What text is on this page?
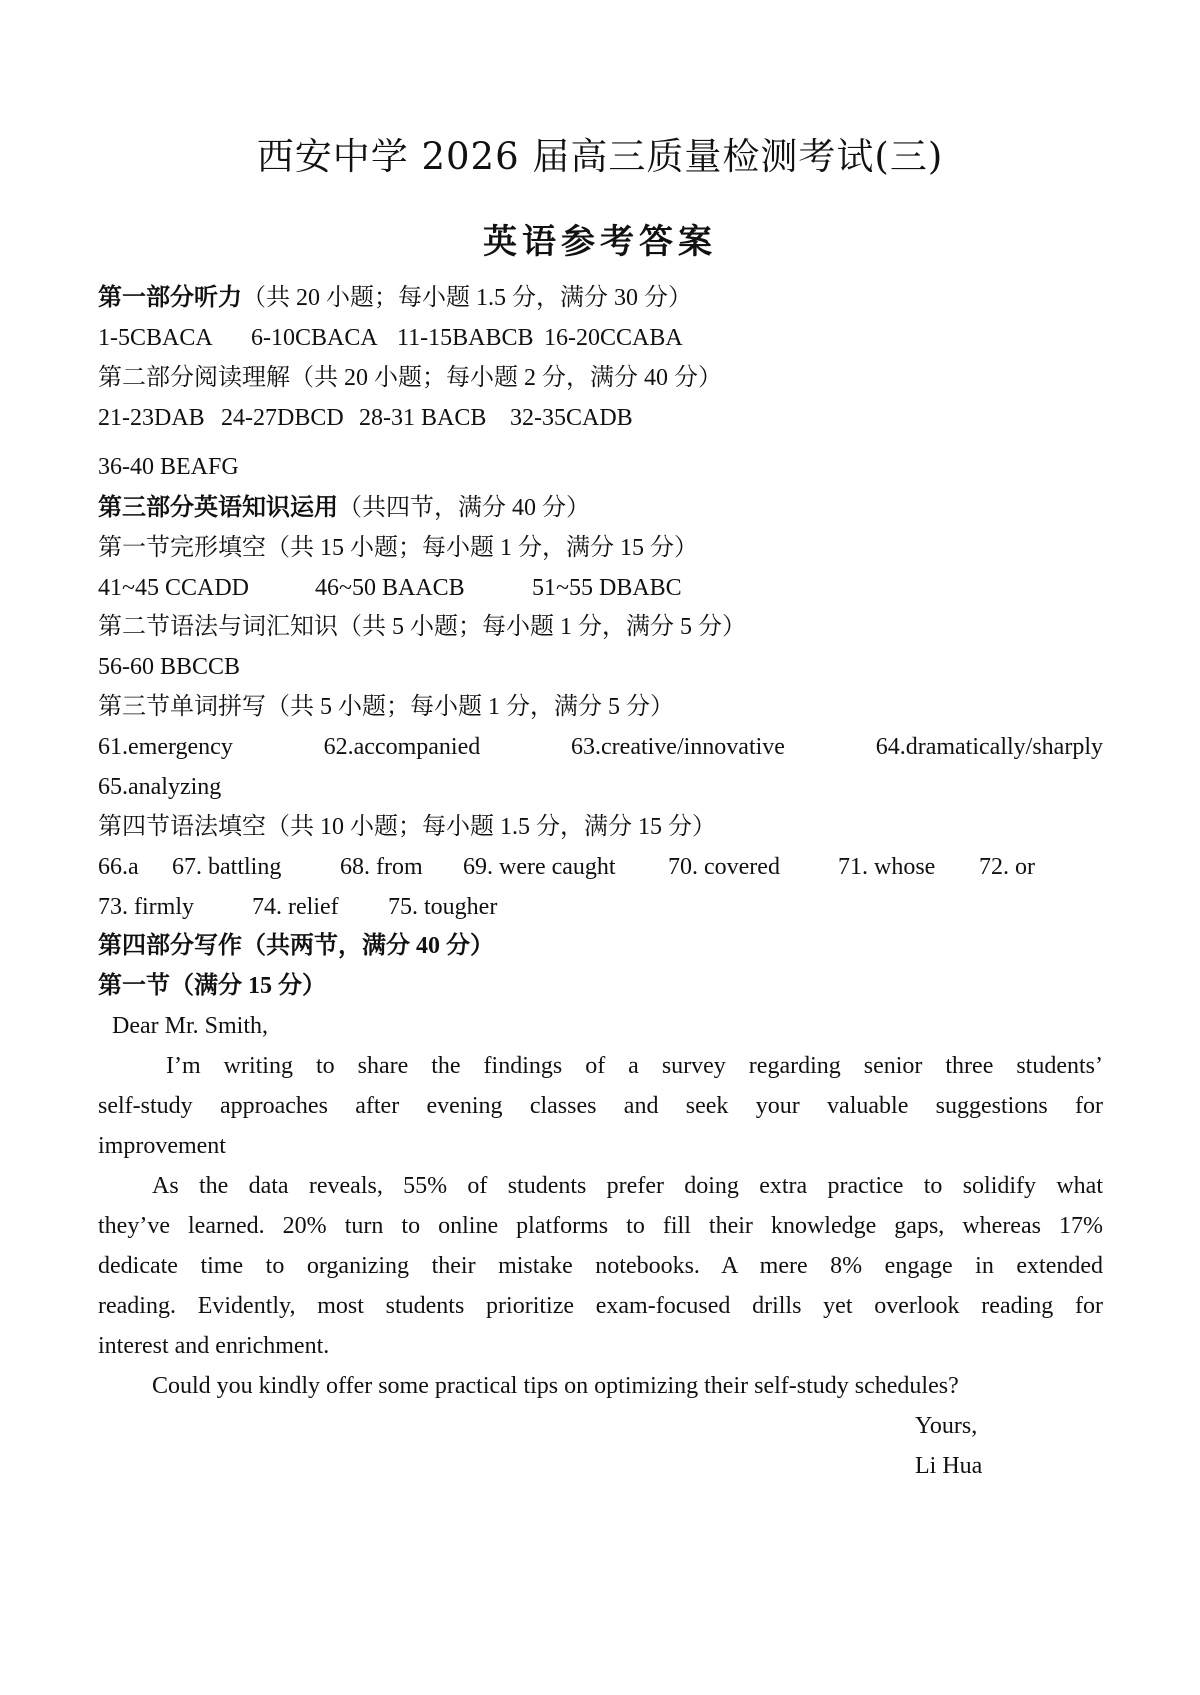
西安中学 2026 届高三质量检测考试(三)
英语参考答案
第一部分听力（共 20 小题；每小题 1.5 分，满分 30 分）
1-5CBACA	6-10CBACA 11-15BABCB 16-20CCABA
第二部分阅读理解（共 20 小题；每小题 2 分，满分 40 分）
21-23DAB 24-27DBCD 28-31 BACB 32-35CADB
36-40 BEAFG
第三部分英语知识运用（共四节，满分 40 分）
第一节完形填空（共 15 小题；每小题 1 分，满分 15 分）
41~45 CCADD	46~50 BAACB	51~55 DBABC
第二节语法与词汇知识（共 5 小题；每小题 1 分，满分 5 分）
56-60 BBCCB
第三节单词拼写（共 5 小题；每小题 1 分，满分 5 分）
61.emergency	62.accompanied	63.creative/innovative	64.dramatically/sharply
65.analyzing
第四节语法填空（共 10 小题；每小题 1.5 分，满分 15 分）
66.a	67. battling	68. from	69. were caught	70. covered	71. whose	72. or
73. firmly	74. relief	75. tougher
第四部分写作（共两节，满分 40 分）
第一节（满分 15 分）
Dear Mr. Smith,
I’m writing to share the findings of a survey regarding senior three students’
self-study approaches after evening classes and seek your valuable suggestions for
improvement
As the data reveals, 55% of students prefer doing extra practice to solidify what
they’ve learned. 20% turn to online platforms to fill their knowledge gaps, whereas 17%
dedicate time to organizing their mistake notebooks. A mere 8% engage in extended
reading. Evidently, most students prioritize exam-focused drills yet overlook reading for
interest and enrichment.
Could you kindly offer some practical tips on optimizing their self-study schedules?
Yours,
Li Hua
